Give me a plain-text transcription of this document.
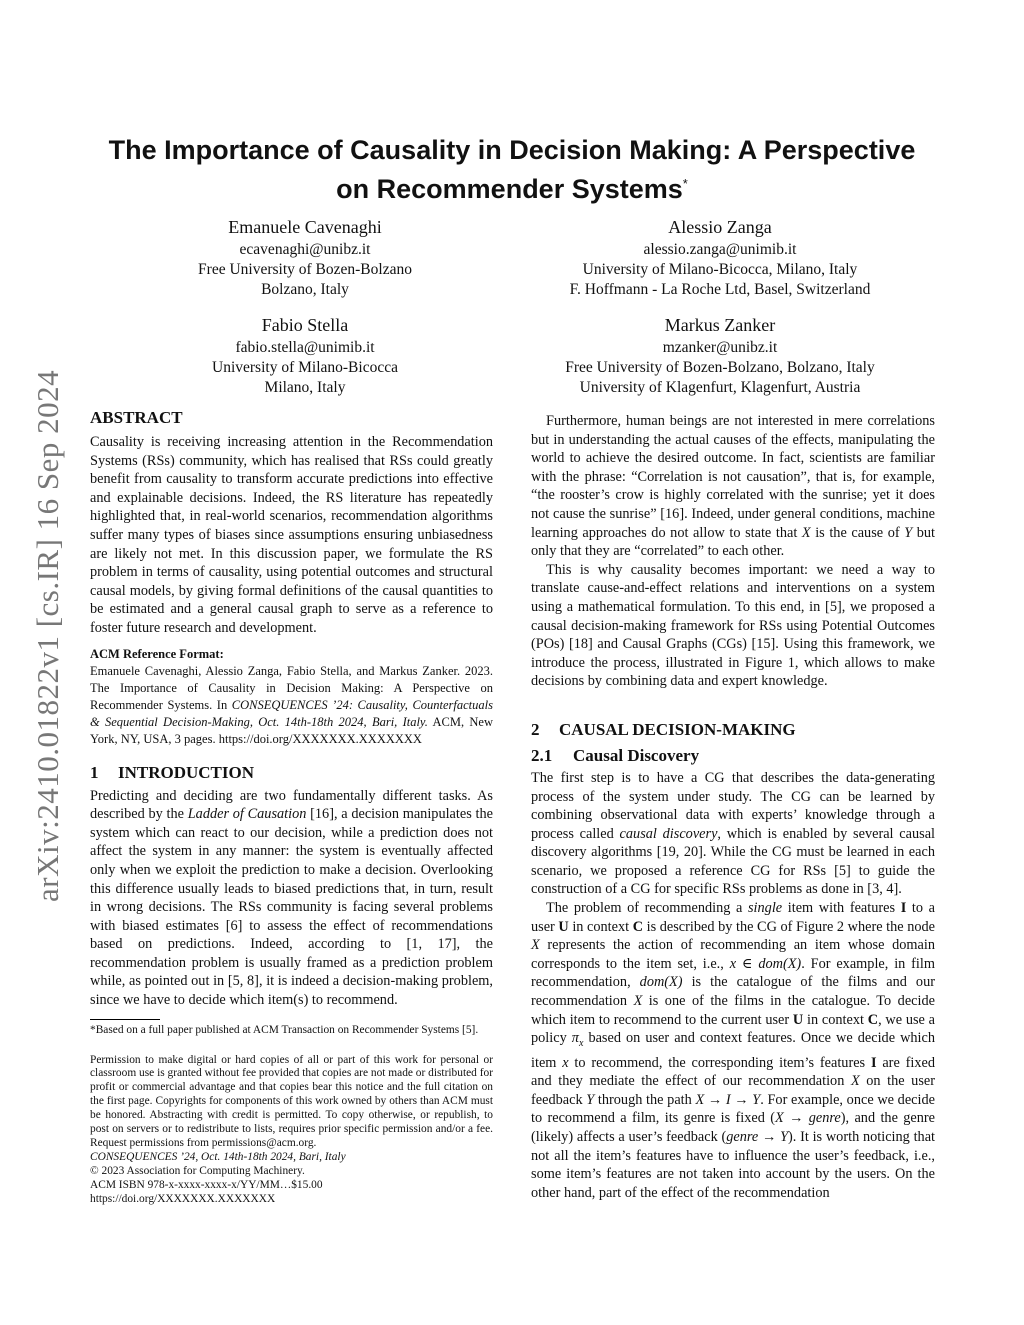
arXiv:2410.01822v1 [cs.IR] 16 Sep 2024
The Importance of Causality in Decision Making: A Perspective
on Recommender Systems*
Emanuele Cavenaghi
ecavenaghi@unibz.it
Free University of Bozen-Bolzano
Bolzano, Italy
Alessio Zanga
alessio.zanga@unimib.it
University of Milano-Bicocca, Milano, Italy
F. Hoffmann - La Roche Ltd, Basel, Switzerland
Fabio Stella
fabio.stella@unimib.it
University of Milano-Bicocca
Milano, Italy
Markus Zanker
mzanker@unibz.it
Free University of Bozen-Bolzano, Bolzano, Italy
University of Klagenfurt, Klagenfurt, Austria
ABSTRACT

Causality is receiving increasing attention in the Recommendation Systems (RSs) community, which has realised that RSs could greatly benefit from causality to transform accurate predictions into effective and explainable decisions. Indeed, the RS literature has repeatedly highlighted that, in real-world scenarios, recommendation algorithms suffer many types of biases since assumptions ensuring unbiasedness are likely not met. In this discussion paper, we formulate the RS problem in terms of causality, using potential outcomes and structural causal models, by giving formal definitions of the causal quantities to be estimated and a general causal graph to serve as a reference to foster future research and development.

ACM Reference Format:
Emanuele Cavenaghi, Alessio Zanga, Fabio Stella, and Markus Zanker. 2023. The Importance of Causality in Decision Making: A Perspective on Recommender Systems. In CONSEQUENCES ’24: Causality, Counterfactuals & Sequential Decision-Making, Oct. 14th-18th 2024, Bari, Italy. ACM, New York, NY, USA, 3 pages. https://doi.org/XXXXXXX.XXXXXXX
1 INTRODUCTION

Predicting and deciding are two fundamentally different tasks. As described by the Ladder of Causation [16], a decision manipulates the system which can react to our decision, while a prediction does not affect the system in any manner: the system is eventually affected only when we exploit the prediction to make a decision. Overlooking this difference usually leads to biased predictions that, in turn, result in wrong decisions. The RSs community is facing several problems with biased estimates [6] to assess the effect of recommendations based on predictions. Indeed, according to [1, 17], the recommendation problem is usually framed as a prediction problem while, as pointed out in [5, 8], it is indeed a decision-making problem, since we have to decide which item(s) to recommend.

*Based on a full paper published at ACM Transaction on Recommender Systems [5].
Permission to make digital or hard copies of all or part of this work for personal or classroom use is granted without fee provided that copies are not made or distributed for profit or commercial advantage and that copies bear this notice and the full citation on the first page. Copyrights for components of this work owned by others than ACM must be honored. Abstracting with credit is permitted. To copy otherwise, or republish, to post on servers or to redistribute to lists, requires prior specific permission and/or a fee. Request permissions from permissions@acm.org.
CONSEQUENCES ’24, Oct. 14th-18th 2024, Bari, Italy
© 2023 Association for Computing Machinery.
ACM ISBN 978-x-xxxx-xxxx-x/YY/MM…$15.00
https://doi.org/XXXXXXX.XXXXXXX

Furthermore, human beings are not interested in mere correlations but in understanding the actual causes of the effects, manipulating the world to achieve the desired outcome. In fact, scientists are familiar with the phrase: “Correlation is not causation”, that is, for example, “the rooster’s crow is highly correlated with the sunrise; yet it does not cause the sunrise” [16]. Indeed, under general conditions, machine learning approaches do not allow to state that X is the cause of Y but only that they are “correlated” to each other.

This is why causality becomes important: we need a way to translate cause-and-effect relations and interventions on a system using a mathematical formulation. To this end, in [5], we proposed a causal decision-making framework for RSs using Potential Outcomes (POs) [18] and Causal Graphs (CGs) [15]. Using this framework, we introduce the process, illustrated in Figure 1, which allows to make decisions by combining data and expert knowledge.

2 CAUSAL DECISION-MAKING
2.1 Causal Discovery

The first step is to have a CG that describes the data-generating process of the system under study. The CG can be learned by combining observational data with experts’ knowledge through a process called causal discovery, which is enabled by several causal discovery algorithms [19, 20]. While the CG must be learned in each scenario, we proposed a reference CG for RSs [5] to guide the construction of a CG for specific RSs problems as done in [3, 4].

The problem of recommending a single item with features I to a user U in context C is described by the CG of Figure 2 where the node X represents the action of recommending an item whose domain corresponds to the item set, i.e., x ∈ dom(X). For example, in film recommendation, dom(X) is the catalogue of the films and our recommendation X is one of the films in the catalogue. To decide which item to recommend to the current user U in context C, we use a policy $\pi_x$ based on user and context features. Once we decide which item x to recommend, the corresponding item’s features I are fixed and they mediate the effect of our recommendation X on the user feedback Y through the path X → I → Y. For example, once we decide to recommend a film, its genre is fixed (X → genre), and the genre (likely) affects a user’s feedback (genre → Y). It is worth noticing that not all the item’s features have to influence the user’s feedback, i.e., some item’s features are not taken into account by the users. On the other hand, part of the effect of the recommendation
